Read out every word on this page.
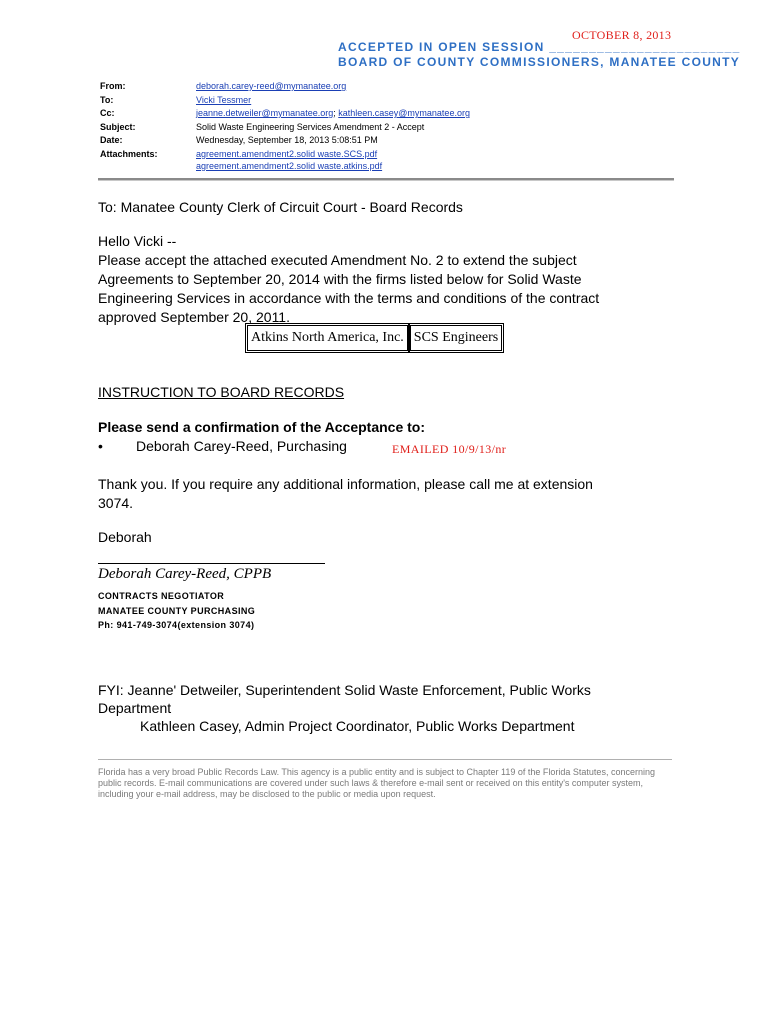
OCTOBER 8, 2013
ACCEPTED IN OPEN SESSION ________________________
BOARD OF COUNTY COMMISSIONERS, MANATEE COUNTY
From:	deborah.carey-reed@mymanatee.org
To:	Vicki Tessmer
Cc:	jeanne.detweiler@mymanatee.org; kathleen.casey@mymanatee.org
Subject:	Solid Waste Engineering Services Amendment 2 - Accept
Date:	Wednesday, September 18, 2013 5:08:51 PM
Attachments:	agreement.amendment2.solid waste.SCS.pdf
agreement.amendment2.solid waste.atkins.pdf
To: Manatee County Clerk of Circuit Court - Board Records
Hello Vicki --
Please accept the attached executed Amendment No. 2 to extend the subject
Agreements to September 20, 2014 with the firms listed below for Solid Waste
Engineering Services in accordance with the terms and conditions of the contract
approved September 20, 2011.
Atkins North America, Inc. SCS Engineers
INSTRUCTION TO BOARD RECORDS
Please send a confirmation of the Acceptance to:
• Deborah Carey-Reed, Purchasing	EMAILED 10/9/13/nr
Thank you. If you require any additional information, please call me at extension
3074.
Deborah
Deborah Carey-Reed, CPPB
CONTRACTS NEGOTIATOR
MANATEE COUNTY PURCHASING
Ph: 941-749-3074(extension 3074)
FYI: Jeanne' Detweiler, Superintendent Solid Waste Enforcement, Public Works
Department
Kathleen Casey, Admin Project Coordinator, Public Works Department
Florida has a very broad Public Records Law. This agency is a public entity and is subject to Chapter 119 of the Florida Statutes, concerning public records. E-mail communications are covered under such laws & therefore e-mail sent or received on this entity's computer system, including your e-mail address, may be disclosed to the public or media upon request.
